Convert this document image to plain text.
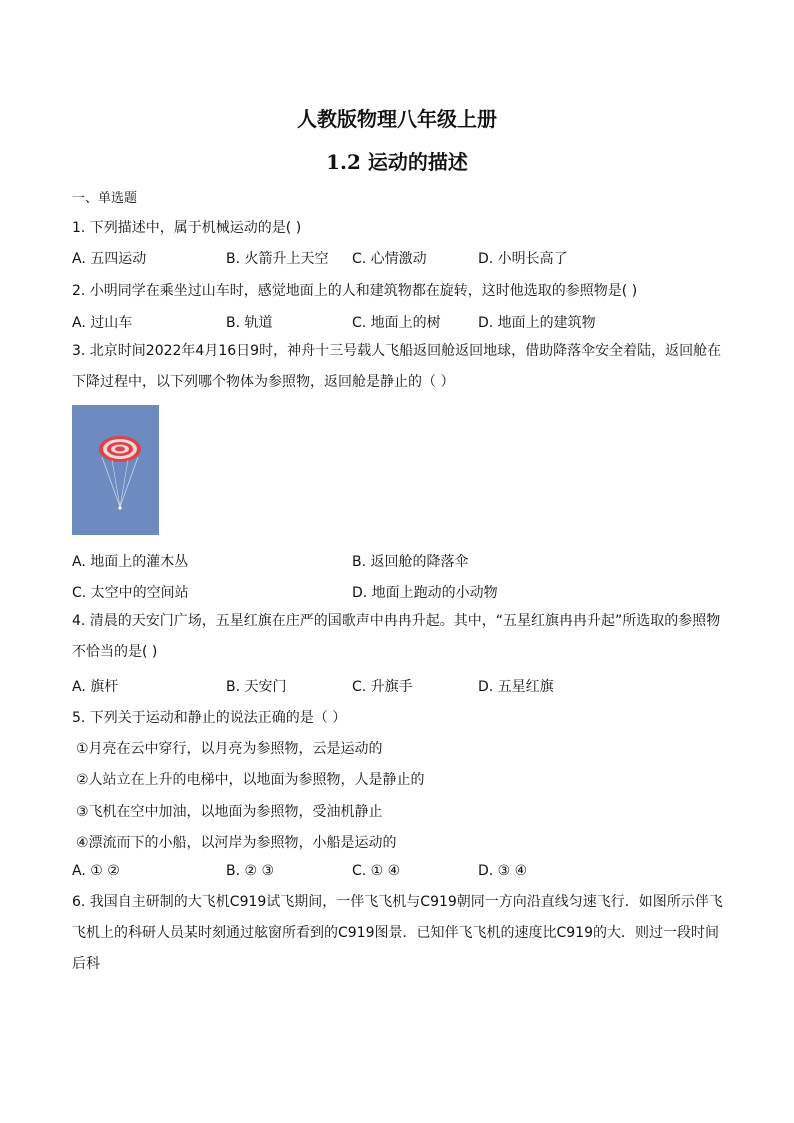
人教版物理八年级上册
1.2 运动的描述
一、单选题
1. 下列描述中，属于机械运动的是( )
A. 五四运动	B. 火箭升上天空 C. 心情激动	D. 小明长高了
2. 小明同学在乘坐过山车时，感觉地面上的人和建筑物都在旋转，这时他选取的参照物是( )
A. 过山车	B. 轨道	C. 地面上的树	D. 地面上的建筑物
3. 北京时间2022年4月16日9时，神舟十三号载人飞船返回舱返回地球，借助降落伞安全着陆，返回舱在下降过程中，以下列哪个物体为参照物，返回舱是静止的（ ）
A. 地面上的灌木丛	B. 返回舱的降落伞
C. 太空中的空间站	D. 地面上跑动的小动物
4. 清晨的天安门广场，五星红旗在庄严的国歌声中冉冉升起。其中，“五星红旗冉冉升起”所选取的参照物不恰当的是( )
A. 旗杆	B. 天安门	C. 升旗手	D. 五星红旗
5. 下列关于运动和静止的说法正确的是（ ）
①月亮在云中穿行，以月亮为参照物，云是运动的
②人站立在上升的电梯中，以地面为参照物，人是静止的
③飞机在空中加油，以地面为参照物，受油机静止
④漂流而下的小船，以河岸为参照物，小船是运动的
A. ① ②	B. ② ③	C. ① ④	D. ③ ④
6. 我国自主研制的大飞机C919试飞期间，一伴飞飞机与C919朝同一方向沿直线匀速飞行．如图所示伴飞飞机上的科研人员某时刻通过舷窗所看到的C919图景．已知伴飞飞机的速度比C919的大．则过一段时间后科
